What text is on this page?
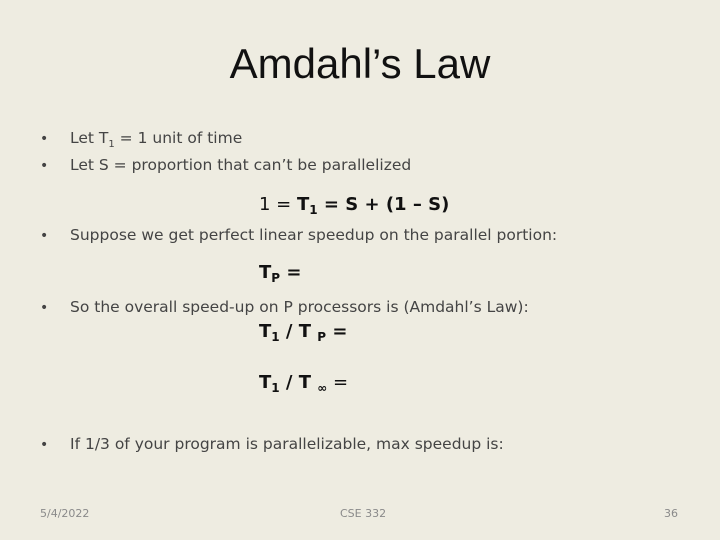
Amdahl’s Law
• Let $T_1 = 1$ unit of time
• Let S = proportion that can’t be parallelized
$1 = T_1 = S + (1 - S)$
• Suppose we get perfect linear speedup on the parallel portion:
$T_P$ =
• So the overall speed-up on P processors is (Amdahl’s Law):
$T_1$ / T $_P$ =
$T_1$ / T $_\infty$ =
• If 1/3 of your program is parallelizable, max speedup is:
5/4/2022	CSE 332	36
